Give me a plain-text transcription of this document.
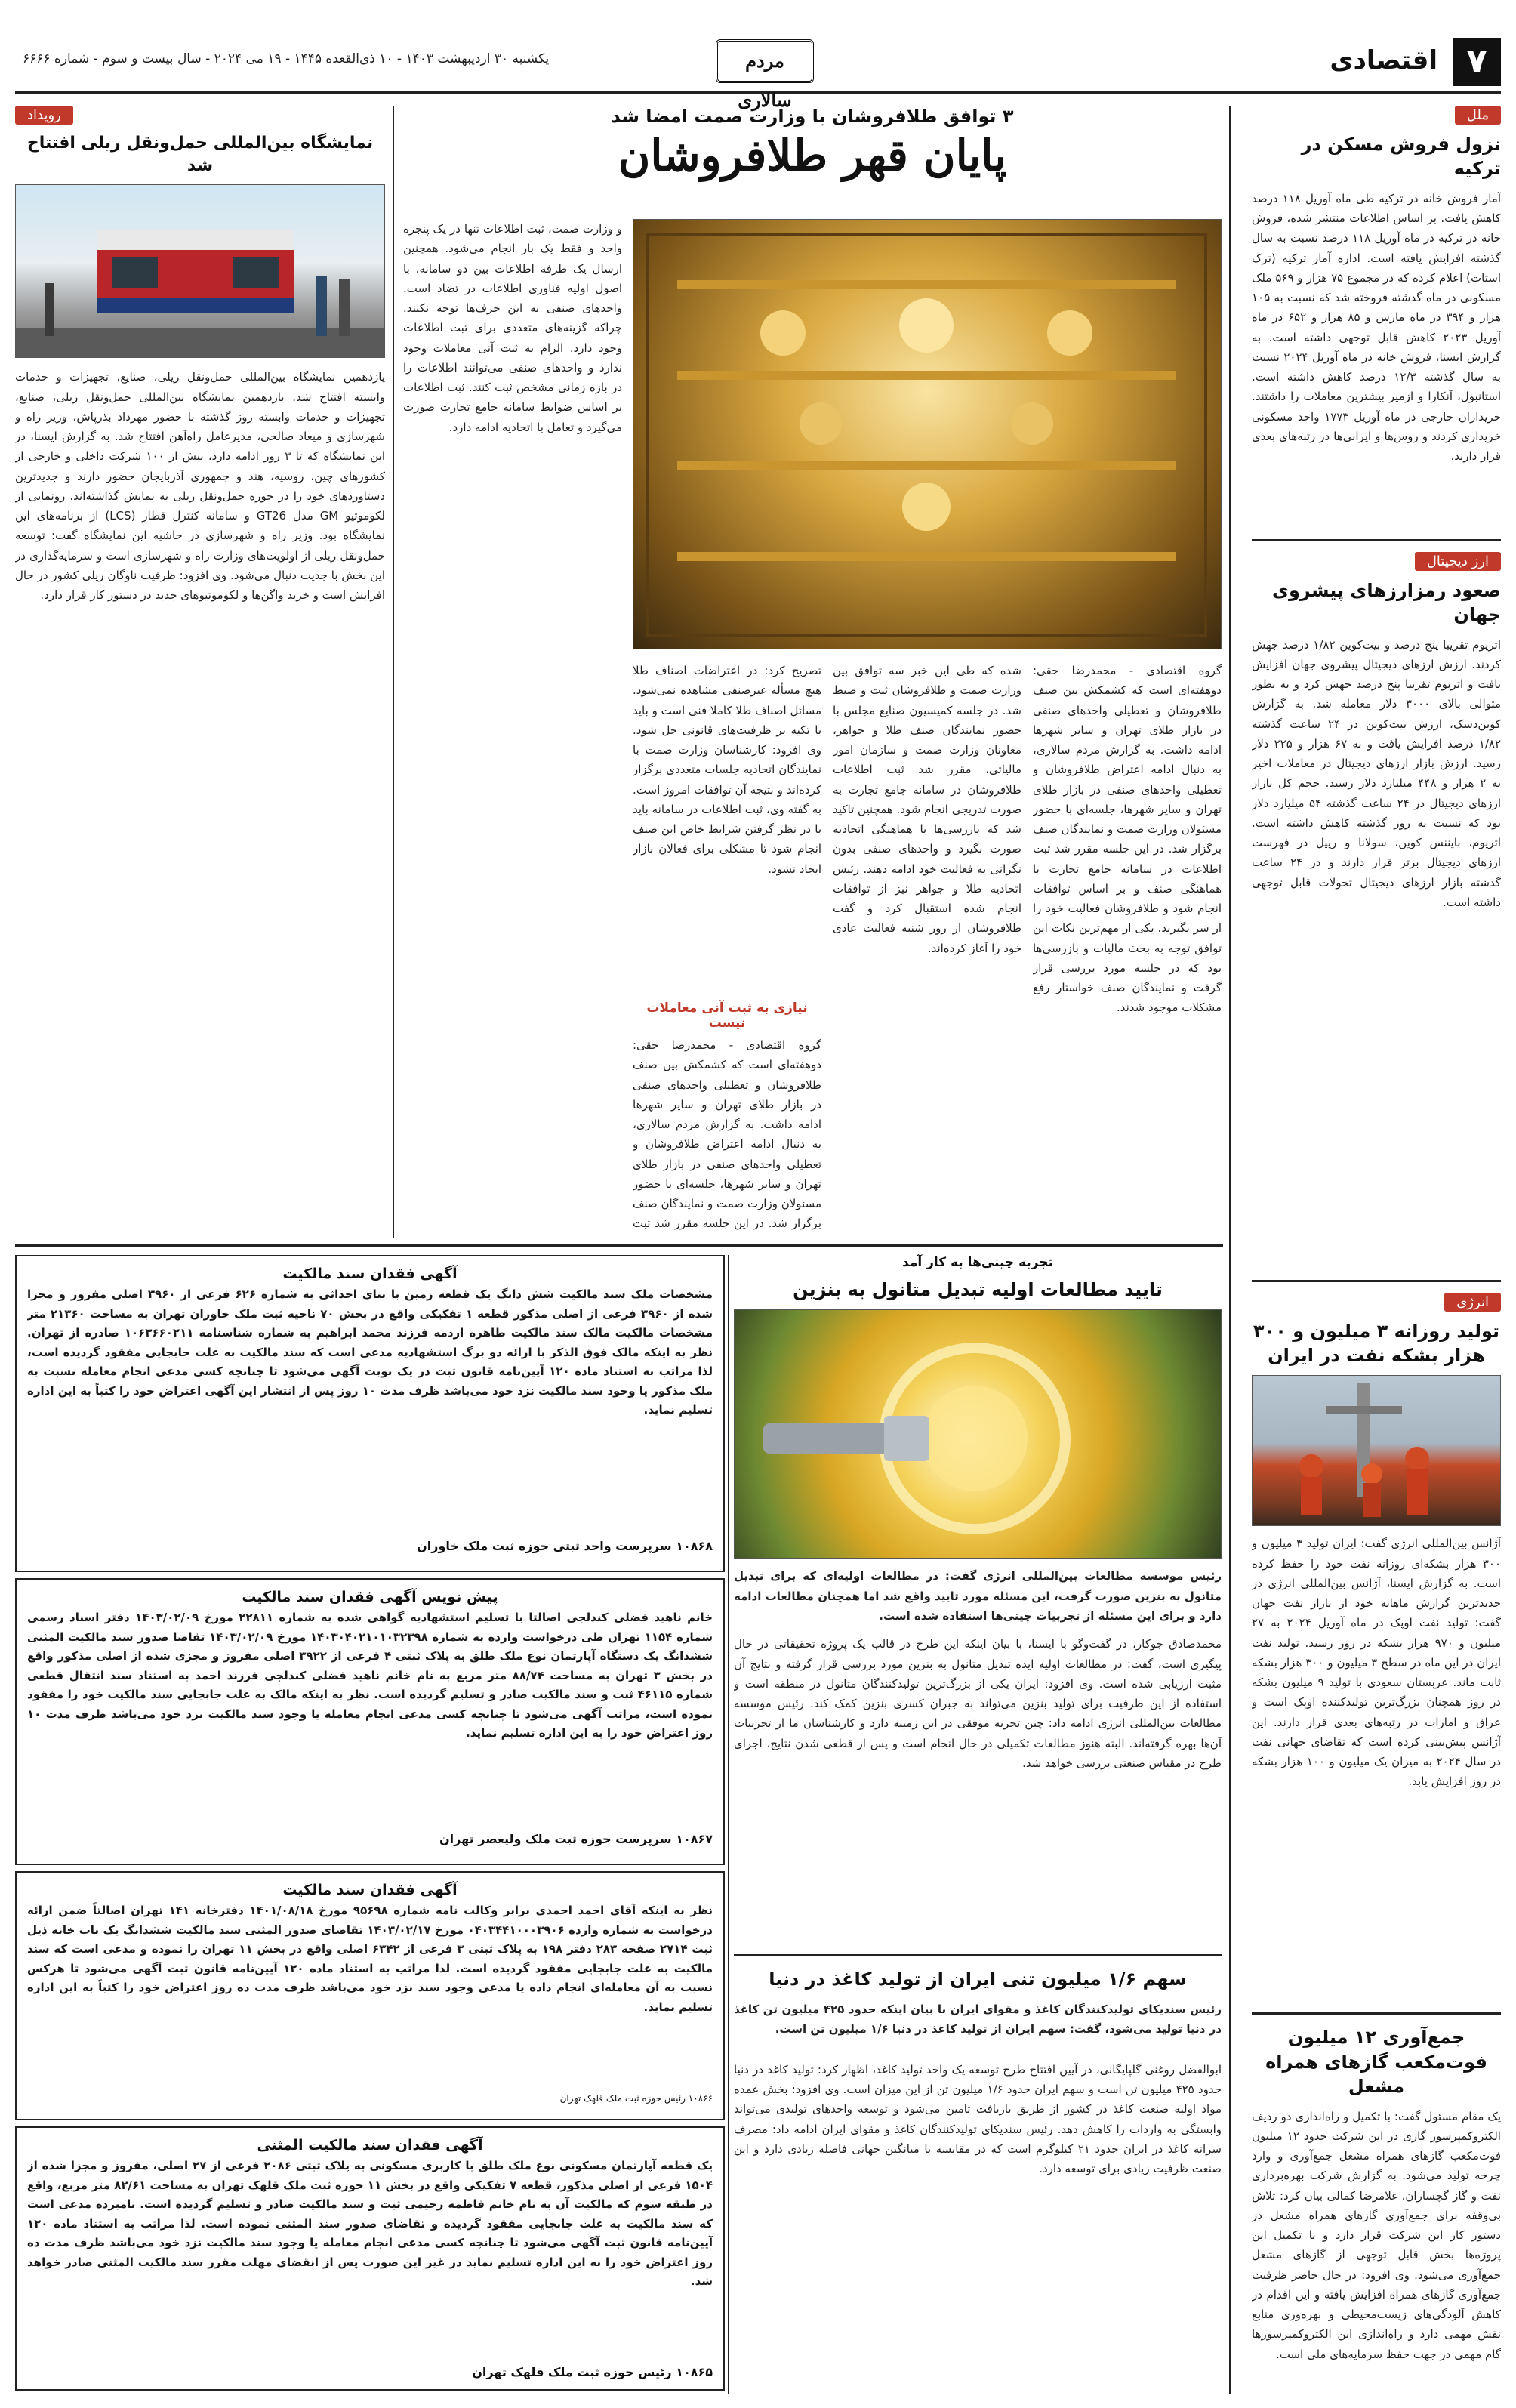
۷
اقتصادی
مردم سالاری
یکشنبه ۳۰ اردیبهشت ۱۴۰۳ - ۱۰ ذی‌القعده ۱۴۴۵ - ۱۹ می ۲۰۲۴ - سال بیست و سوم - شماره ۶۶۶۶
ملل
نزول فروش مسکن در ترکیه
آمار فروش خانه در ترکیه طی ماه آوریل ۱۱۸ درصد کاهش یافت. بر اساس اطلاعات منتشر شده، فروش خانه در ترکیه در ماه آوریل ۱۱۸ درصد نسبت به سال گذشته افزایش یافته است. اداره آمار ترکیه (ترک استات) اعلام کرده که در مجموع ۷۵ هزار و ۵۶۹ ملک مسکونی در ماه گذشته فروخته شد که نسبت به ۱۰۵ هزار و ۳۹۴ در ماه مارس و ۸۵ هزار و ۶۵۲ در ماه آوریل ۲۰۲۳ کاهش قابل توجهی داشته است. به گزارش ایسنا، فروش خانه در ماه آوریل ۲۰۲۴ نسبت به سال گذشته ۱۲/۳ درصد کاهش داشته است. استانبول، آنکارا و ازمیر بیشترین معاملات را داشتند. خریداران خارجی در ماه آوریل ۱۷۷۳ واحد مسکونی خریداری کردند و روس‌ها و ایرانی‌ها در رتبه‌های بعدی قرار دارند.
ارز دیجیتال
صعود رمزارزهای پیشروی جهان
اتریوم تقریبا پنج درصد و بیت‌کوین ۱/۸۲ درصد جهش کردند. ارزش ارزهای دیجیتال پیشروی جهان افزایش یافت و اتریوم تقریبا پنج درصد جهش کرد و به بطور متوالی بالای ۳۰۰۰ دلار معامله شد. به گزارش کوین‌دسک، ارزش بیت‌کوین در ۲۴ ساعت گذشته ۱/۸۲ درصد افزایش یافت و به ۶۷ هزار و ۲۲۵ دلار رسید. ارزش بازار ارزهای دیجیتال در معاملات اخیر به ۲ هزار و ۴۴۸ میلیارد دلار رسید. حجم کل بازار ارزهای دیجیتال در ۲۴ ساعت گذشته ۵۴ میلیارد دلار بود که نسبت به روز گذشته کاهش داشته است. اتریوم، بایننس کوین، سولانا و ریپل در فهرست ارزهای دیجیتال برتر قرار دارند و در ۲۴ ساعت گذشته بازار ارزهای دیجیتال تحولات قابل توجهی داشته است.
انرژی
تولید روزانه ۳ میلیون و ۳۰۰ هزار بشکه نفت در ایران
آژانس بین‌المللی انرژی گفت: ایران تولید ۳ میلیون و ۳۰۰ هزار بشکه‌ای روزانه نفت خود را حفظ کرده است. به گزارش ایسنا، آژانس بین‌المللی انرژی در جدیدترین گزارش ماهانه خود از بازار نفت جهان گفت: تولید نفت اوپک در ماه آوریل ۲۰۲۴ به ۲۷ میلیون و ۹۷۰ هزار بشکه در روز رسید. تولید نفت ایران در این ماه در سطح ۳ میلیون و ۳۰۰ هزار بشکه ثابت ماند. عربستان سعودی با تولید ۹ میلیون بشکه در روز همچنان بزرگ‌ترین تولیدکننده اوپک است و عراق و امارات در رتبه‌های بعدی قرار دارند. این آژانس پیش‌بینی کرده است که تقاضای جهانی نفت در سال ۲۰۲۴ به میزان یک میلیون و ۱۰۰ هزار بشکه در روز افزایش یابد.
جمع‌آوری ۱۲ میلیون فوت‌مکعب گازهای همراه مشعل
یک مقام مسئول گفت: با تکمیل و راه‌اندازی دو ردیف الکتروکمپرسور گازی در این شرکت حدود ۱۲ میلیون فوت‌مکعب گازهای همراه مشعل جمع‌آوری و وارد چرخه تولید می‌شود. به گزارش شرکت بهره‌برداری نفت و گاز گچساران، غلامرضا کمالی بیان کرد: تلاش بی‌وقفه برای جمع‌آوری گازهای همراه مشعل در دستور کار این شرکت قرار دارد و با تکمیل این پروژه‌ها بخش قابل توجهی از گازهای مشعل جمع‌آوری می‌شود. وی افزود: در حال حاضر ظرفیت جمع‌آوری گازهای همراه افزایش یافته و این اقدام در کاهش آلودگی‌های زیست‌محیطی و بهره‌وری منابع نقش مهمی دارد و راه‌اندازی این الکتروکمپرسورها گام مهمی در جهت حفظ سرمایه‌های ملی است.
رویداد
نمایشگاه بین‌المللی حمل‌ونقل ریلی افتتاح شد
یازدهمین نمایشگاه بین‌المللی حمل‌ونقل ریلی، صنایع، تجهیزات و خدمات وابسته افتتاح شد. یازدهمین نمایشگاه بین‌المللی حمل‌ونقل ریلی، صنایع، تجهیزات و خدمات وابسته روز گذشته با حضور مهرداد بذرپاش، وزیر راه و شهرسازی و میعاد صالحی، مدیرعامل راه‌آهن افتتاح شد. به گزارش ایسنا، در این نمایشگاه که تا ۳ روز ادامه دارد، بیش از ۱۰۰ شرکت داخلی و خارجی از کشورهای چین، روسیه، هند و جمهوری آذربایجان حضور دارند و جدیدترین دستاوردهای خود را در حوزه حمل‌ونقل ریلی به نمایش گذاشته‌اند. رونمایی از لکوموتیو GM مدل GT26 و سامانه کنترل قطار (LCS) از برنامه‌های این نمایشگاه بود. وزیر راه و شهرسازی در حاشیه این نمایشگاه گفت: توسعه حمل‌ونقل ریلی از اولویت‌های وزارت راه و شهرسازی است و سرمایه‌گذاری در این بخش با جدیت دنبال می‌شود. وی افزود: ظرفیت ناوگان ریلی کشور در حال افزایش است و خرید واگن‌ها و لکوموتیوهای جدید در دستور کار قرار دارد.
۳ توافق طلافروشان با وزارت صمت امضا شد
پایان قهر طلافروشان
و وزارت صمت، ثبت اطلاعات تنها در یک پنجره واحد و فقط یک بار انجام می‌شود. همچنین ارسال یک طرفه اطلاعات بین دو سامانه، با اصول اولیه فناوری اطلاعات در تضاد است. واحدهای صنفی به این حرف‌ها توجه نکنند. چراکه گزینه‌های متعددی برای ثبت اطلاعات وجود دارد. الزام به ثبت آنی معاملات وجود ندارد و واحدهای صنفی می‌توانند اطلاعات را در بازه زمانی مشخص ثبت کنند. ثبت اطلاعات بر اساس ضوابط سامانه جامع تجارت صورت می‌گیرد و تعامل با اتحادیه ادامه دارد.
گروه اقتصادی - محمدرضا حقی: دوهفته‌ای است که کشمکش بین صنف طلافروشان و تعطیلی واحدهای صنفی در بازار طلای تهران و سایر شهرها ادامه داشت. به گزارش مردم سالاری، به دنبال ادامه اعتراض طلافروشان و تعطیلی واحدهای صنفی در بازار طلای تهران و سایر شهرها، جلسه‌ای با حضور مسئولان وزارت صمت و نمایندگان صنف برگزار شد. در این جلسه مقرر شد ثبت اطلاعات در سامانه جامع تجارت با هماهنگی صنف و بر اساس توافقات انجام شود و طلافروشان فعالیت خود را از سر بگیرند. یکی از مهم‌ترین نکات این توافق توجه به بحث مالیات و بازرسی‌ها بود که در جلسه مورد بررسی قرار گرفت و نمایندگان صنف خواستار رفع مشکلات موجود شدند.
شده که طی این خبر سه توافق بین وزارت صمت و طلافروشان ثبت و ضبط شد. در جلسه کمیسیون صنایع مجلس با حضور نمایندگان صنف طلا و جواهر، معاونان وزارت صمت و سازمان امور مالیاتی، مقرر شد ثبت اطلاعات طلافروشان در سامانه جامع تجارت به صورت تدریجی انجام شود. همچنین تاکید شد که بازرسی‌ها با هماهنگی اتحادیه صورت بگیرد و واحدهای صنفی بدون نگرانی به فعالیت خود ادامه دهند. رئیس اتحادیه طلا و جواهر نیز از توافقات انجام شده استقبال کرد و گفت طلافروشان از روز شنبه فعالیت عادی خود را آغاز کرده‌اند.
تصریح کرد: در اعتراضات اصناف طلا هیچ مسأله غیرصنفی مشاهده نمی‌شود. مسائل اصناف طلا کاملا فنی است و باید با تکیه بر ظرفیت‌های قانونی حل شود. وی افزود: کارشناسان وزارت صمت با نمایندگان اتحادیه جلسات متعددی برگزار کرده‌اند و نتیجه آن توافقات امروز است. به گفته وی، ثبت اطلاعات در سامانه باید با در نظر گرفتن شرایط خاص این صنف انجام شود تا مشکلی برای فعالان بازار ایجاد نشود.
نیازی به ثبت آنی معاملات نیست
گروه اقتصادی - محمدرضا حقی: دوهفته‌ای است که کشمکش بین صنف طلافروشان و تعطیلی واحدهای صنفی در بازار طلای تهران و سایر شهرها ادامه داشت. به گزارش مردم سالاری، به دنبال ادامه اعتراض طلافروشان و تعطیلی واحدهای صنفی در بازار طلای تهران و سایر شهرها، جلسه‌ای با حضور مسئولان وزارت صمت و نمایندگان صنف برگزار شد. در این جلسه مقرر شد ثبت
آگهی فقدان سند مالکیت
مشخصات ملک سند مالکیت شش دانگ یک قطعه زمین با بنای احداثی به شماره ۶۲۶ فرعی از ۳۹۶۰ اصلی مفروز و مجزا شده از ۳۹۶۰ فرعی از اصلی مذکور قطعه ۱ تفکیکی واقع در بخش ۷۰ ناحیه ثبت ملک خاوران تهران به مساحت ۲۱۳۶۰ متر مشخصات مالکیت مالک سند مالکیت طاهره اردمه فرزند محمد ابراهیم به شماره شناسنامه ۱۰۶۳۶۶۰۲۱۱ صادره از تهران. نظر به اینکه مالک فوق الذکر با ارائه دو برگ استشهادیه مدعی است که سند مالکیت به علت جابجایی مفقود گردیده است، لذا مراتب به استناد ماده ۱۲۰ آیین‌نامه قانون ثبت در یک نوبت آگهی می‌شود تا چنانچه کسی مدعی انجام معامله نسبت به ملک مذکور یا وجود سند مالکیت نزد خود می‌باشد ظرف مدت ۱۰ روز پس از انتشار این آگهی اعتراض خود را کتباً به این اداره تسلیم نماید.
۱۰۸۶۸ سرپرست واحد ثبتی حوزه ثبت ملک خاوران
پیش نویس آگهی فقدان سند مالکیت
خانم ناهید فضلی کندلجی اصالتا با تسلیم استشهادیه گواهی شده به شماره ۲۲۸۱۱ مورخ ۱۴۰۳/۰۲/۰۹ دفتر اسناد رسمی شماره ۱۱۵۴ تهران طی درخواست وارده به شماره ۱۴۰۳۰۴۰۲۱۰۱۰۳۲۳۹۸ مورخ ۱۴۰۳/۰۲/۰۹ تقاضا صدور سند مالکیت المثنی ششدانگ یک دستگاه آپارتمان نوع ملک طلق به پلاک ثبتی ۴ فرعی از ۳۹۲۲ اصلی مفروز و مجزی شده از اصلی مذکور واقع در بخش ۳ تهران به مساحت ۸۸/۷۴ متر مربع به نام خانم ناهید فضلی کندلجی فرزند احمد به استناد سند انتقال قطعی شماره ۴۶۱۱۵ ثبت و سند مالکیت صادر و تسلیم گردیده است. نظر به اینکه مالک به علت جابجایی سند مالکیت خود را مفقود نموده است، مراتب آگهی می‌شود تا چنانچه کسی مدعی انجام معامله یا وجود سند مالکیت نزد خود می‌باشد ظرف مدت ۱۰ روز اعتراض خود را به این اداره تسلیم نماید.
۱۰۸۶۷ سرپرست حوزه ثبت ملک ولیعصر تهران
آگهی فقدان سند مالکیت
نظر به اینکه آقای احمد احمدی برابر وکالت نامه شماره ۹۵۶۹۸ مورخ ۱۴۰۱/۰۸/۱۸ دفترخانه ۱۴۱ تهران اصالتاً ضمن ارائه درخواست به شماره وارده ۰۴۰۳۴۴۱۰۰۰۳۹۰۶ مورخ ۱۴۰۳/۰۲/۱۷ تقاضای صدور المثنی سند مالکیت ششدانگ یک باب خانه ذیل ثبت ۲۷۱۴ صفحه ۲۸۳ دفتر ۱۹۸ به پلاک ثبتی ۳ فرعی از ۶۳۴۲ اصلی واقع در بخش ۱۱ تهران را نموده و مدعی است که سند مالکیت به علت جابجایی مفقود گردیده است. لذا مراتب به استناد ماده ۱۲۰ آیین‌نامه قانون ثبت آگهی می‌شود تا هرکس نسبت به آن معامله‌ای انجام داده یا مدعی وجود سند نزد خود می‌باشد ظرف مدت ده روز اعتراض خود را کتباً به این اداره تسلیم نماید.
۱۰۸۶۶ رئیس حوزه ثبت ملک قلهک تهران
آگهی فقدان سند مالکیت المثنی
یک قطعه آپارتمان مسکونی نوع ملک طلق با کاربری مسکونی به پلاک ثبتی ۲۰۸۶ فرعی از ۲۷ اصلی، مفروز و مجزا شده از ۱۵۰۴ فرعی از اصلی مذکور، قطعه ۷ تفکیکی واقع در بخش ۱۱ حوزه ثبت ملک قلهک تهران به مساحت ۸۲/۶۱ متر مربع، واقع در طبقه سوم که مالکیت آن به نام خانم فاطمه رحیمی ثبت و سند مالکیت صادر و تسلیم گردیده است. نامبرده مدعی است که سند مالکیت به علت جابجایی مفقود گردیده و تقاضای صدور سند المثنی نموده است. لذا مراتب به استناد ماده ۱۲۰ آیین‌نامه قانون ثبت آگهی می‌شود تا چنانچه کسی مدعی انجام معامله یا وجود سند مالکیت نزد خود می‌باشد ظرف مدت ده روز اعتراض خود را به این اداره تسلیم نماید در غیر این صورت پس از انقضای مهلت مقرر سند مالکیت المثنی صادر خواهد شد.
۱۰۸۶۵ رئیس حوزه ثبت ملک قلهک تهران
تجربه چینی‌ها به کار آمد
تایید مطالعات اولیه تبدیل متانول به بنزین
رئیس موسسه مطالعات بین‌المللی انرژی گفت: در مطالعات اولیه‌ای که برای تبدیل متانول به بنزین صورت گرفت، این مسئله مورد تایید واقع شد اما همچنان مطالعات ادامه دارد و برای این مسئله از تجربیات چینی‌ها استفاده شده است.
محمدصادق جوکار، در گفت‌وگو با ایسنا، با بیان اینکه این طرح در قالب یک پروژه تحقیقاتی در حال پیگیری است، گفت: در مطالعات اولیه ایده تبدیل متانول به بنزین مورد بررسی قرار گرفته و نتایج آن مثبت ارزیابی شده است. وی افزود: ایران یکی از بزرگ‌ترین تولیدکنندگان متانول در منطقه است و استفاده از این ظرفیت برای تولید بنزین می‌تواند به جبران کسری بنزین کمک کند. رئیس موسسه مطالعات بین‌المللی انرژی ادامه داد: چین تجربه موفقی در این زمینه دارد و کارشناسان ما از تجربیات آن‌ها بهره گرفته‌اند. البته هنوز مطالعات تکمیلی در حال انجام است و پس از قطعی شدن نتایج، اجرای طرح در مقیاس صنعتی بررسی خواهد شد.
سهم ۱/۶ میلیون تنی ایران از تولید کاغذ در دنیا
رئیس سندیکای تولیدکنندگان کاغذ و مقوای ایران با بیان اینکه حدود ۴۲۵ میلیون تن کاغذ در دنیا تولید می‌شود، گفت: سهم ایران از تولید کاغذ در دنیا ۱/۶ میلیون تن است.
ابوالفضل روغنی گلپایگانی، در آیین افتتاح طرح توسعه یک واحد تولید کاغذ، اظهار کرد: تولید کاغذ در دنیا حدود ۴۲۵ میلیون تن است و سهم ایران حدود ۱/۶ میلیون تن از این میزان است. وی افزود: بخش عمده مواد اولیه صنعت کاغذ در کشور از طریق بازیافت تامین می‌شود و توسعه واحدهای تولیدی می‌تواند وابستگی به واردات را کاهش دهد. رئیس سندیکای تولیدکنندگان کاغذ و مقوای ایران ادامه داد: مصرف سرانه کاغذ در ایران حدود ۲۱ کیلوگرم است که در مقایسه با میانگین جهانی فاصله زیادی دارد و این صنعت ظرفیت زیادی برای توسعه دارد.
